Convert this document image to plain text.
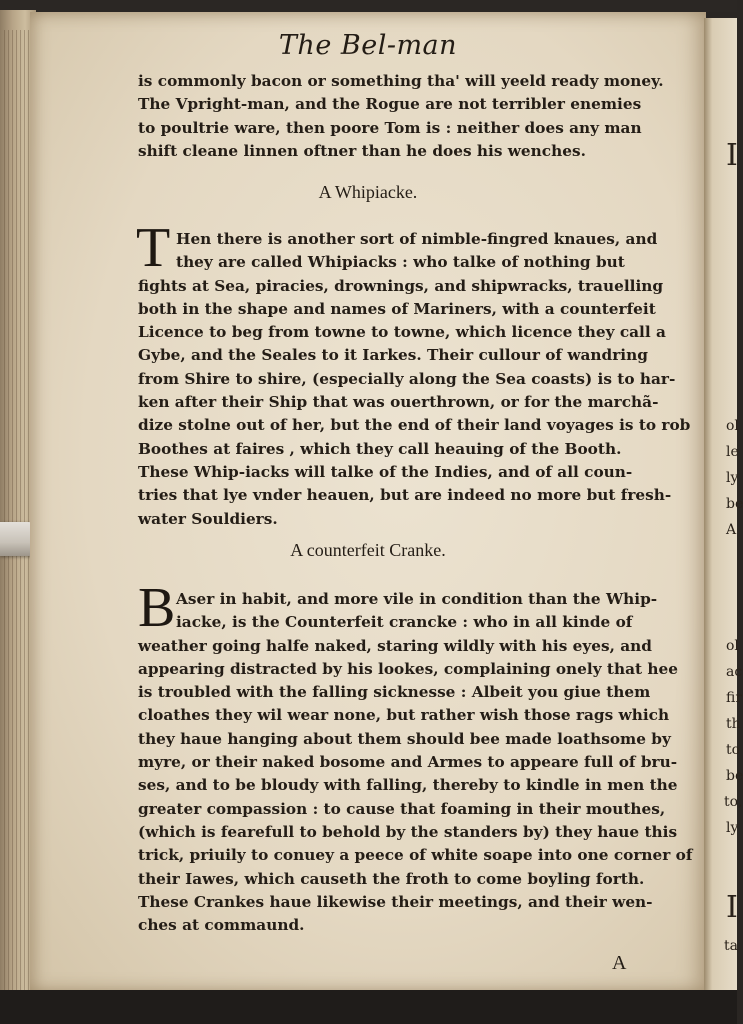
The Bel-man
is commonly bacon or something tha' will yeeld ready money.
The Vpright-man, and the Rogue are not terribler enemies
to poultrie ware, then poore Tom is : neither does any man
shift cleane linnen oftner than he does his wenches.
A Whipiacke.
T Hen there is another sort of nimble-fingred knaues, and
they are called Whipiacks : who talke of nothing but
fights at Sea, piracies, drownings, and shipwracks, trauelling
both in the shape and names of Mariners, with a counterfeit
Licence to beg from towne to towne, which licence they call a
Gybe, and the Seales to it Iarkes. Their cullour of wandring
from Shire to shire, (especially along the Sea coasts) is to har-
ken after their Ship that was ouerthrown, or for the marchã-
dize stolne out of her, but the end of their land voyages is to rob
Boothes at faires , which they call heauing of the Booth.
These Whip-iacks will talke of the Indies, and of all coun-
tries that lye vnder heauen, but are indeed no more but fresh-
water Souldiers.
A counterfeit Cranke.
B Aser in habit, and more vile in condition than the Whip-
iacke, is the Counterfeit crancke : who in all kinde of
weather going halfe naked, staring wildly with his eyes, and
appearing distracted by his lookes, complaining onely that hee
is troubled with the falling sicknesse : Albeit you giue them
cloathes they wil wear none, but rather wish those rags which
they haue hanging about them should bee made loathsome by
myre, or their naked bosome and Armes to appeare full of bru-
ses, and to be bloudy with falling, thereby to kindle in men the
greater compassion : to cause that foaming in their mouthes,
(which is fearefull to behold by the standers by) they haue this
trick, priuily to conuey a peece of white soape into one corner of
their Iawes, which causeth the froth to come boyling forth.
These Crankes haue likewise their meetings, and their wen-
ches at commaund.
A
I
ol
le
ly
be
A
ol
ac
fir
th
to
be
to,
ly
I
ta
